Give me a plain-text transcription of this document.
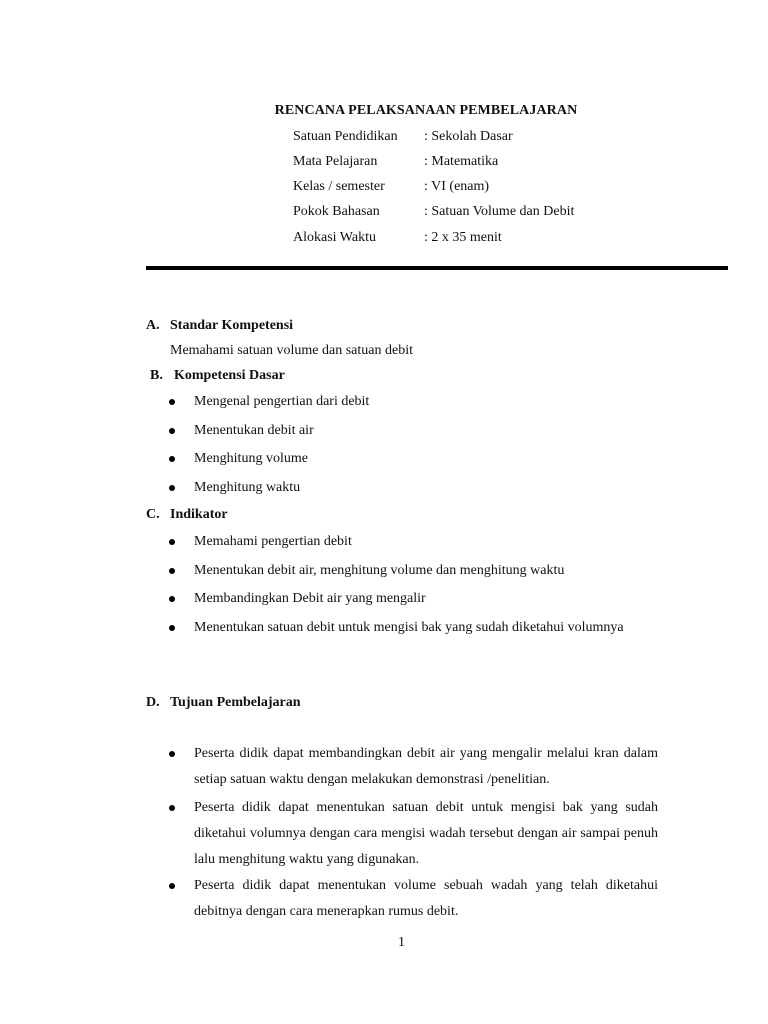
RENCANA PELAKSANAAN PEMBELAJARAN
Satuan Pendidikan : Sekolah Dasar
Mata Pelajaran	: Matematika
Kelas / semester	: VI (enam)
Pokok Bahasan	: Satuan Volume dan Debit
Alokasi Waktu	: 2 x 35 menit
A. Standar Kompetensi
Memahami satuan volume dan satuan debit
B. Kompetensi Dasar
Mengenal pengertian dari debit
Menentukan debit air
Menghitung volume
Menghitung waktu
C. Indikator
Memahami pengertian debit
Menentukan debit air, menghitung volume dan menghitung waktu
Membandingkan Debit air yang mengalir
Menentukan satuan debit untuk mengisi bak yang sudah diketahui volumnya
D. Tujuan Pembelajaran
Peserta didik dapat membandingkan debit air yang mengalir melalui kran dalam setiap satuan waktu dengan melakukan demonstrasi /penelitian.
Peserta didik dapat menentukan satuan debit untuk mengisi bak yang sudah diketahui volumnya dengan cara mengisi wadah tersebut dengan air sampai penuh lalu menghitung waktu yang digunakan.
Peserta didik dapat menentukan volume sebuah wadah yang telah diketahui debitnya dengan cara menerapkan rumus debit.
1
